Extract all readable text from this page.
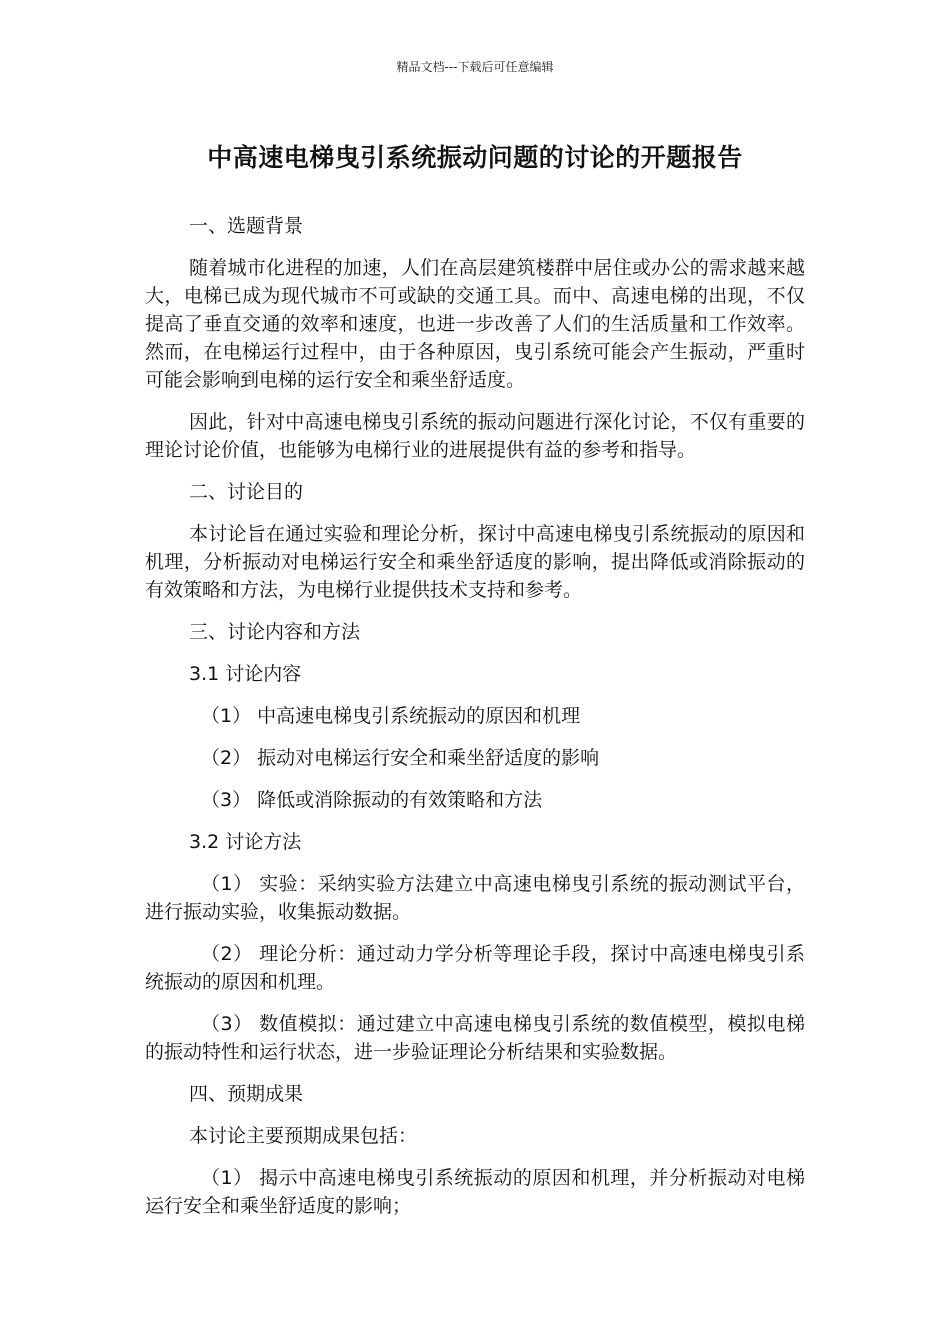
精品文档---下载后可任意编辑
中高速电梯曳引系统振动问题的讨论的开题报告
一、选题背景

随着城市化进程的加速，人们在高层建筑楼群中居住或办公的需求越来越大，电梯已成为现代城市不可或缺的交通工具。而中、高速电梯的出现，不仅提高了垂直交通的效率和速度，也进一步改善了人们的生活质量和工作效率。然而，在电梯运行过程中，由于各种原因，曳引系统可能会产生振动，严重时可能会影响到电梯的运行安全和乘坐舒适度。

因此，针对中高速电梯曳引系统的振动问题进行深化讨论，不仅有重要的理论讨论价值，也能够为电梯行业的进展提供有益的参考和指导。

二、讨论目的

本讨论旨在通过实验和理论分析，探讨中高速电梯曳引系统振动的原因和机理，分析振动对电梯运行安全和乘坐舒适度的影响，提出降低或消除振动的有效策略和方法，为电梯行业提供技术支持和参考。

三、讨论内容和方法
3.1 讨论内容
（1） 中高速电梯曳引系统振动的原因和机理
（2） 振动对电梯运行安全和乘坐舒适度的影响
（3） 降低或消除振动的有效策略和方法
3.2 讨论方法

（1） 实验：采纳实验方法建立中高速电梯曳引系统的振动测试平台，进行振动实验，收集振动数据。

（2） 理论分析：通过动力学分析等理论手段，探讨中高速电梯曳引系统振动的原因和机理。

（3） 数值模拟：通过建立中高速电梯曳引系统的数值模型，模拟电梯的振动特性和运行状态，进一步验证理论分析结果和实验数据。

四、预期成果
本讨论主要预期成果包括：

（1） 揭示中高速电梯曳引系统振动的原因和机理，并分析振动对电梯运行安全和乘坐舒适度的影响；
